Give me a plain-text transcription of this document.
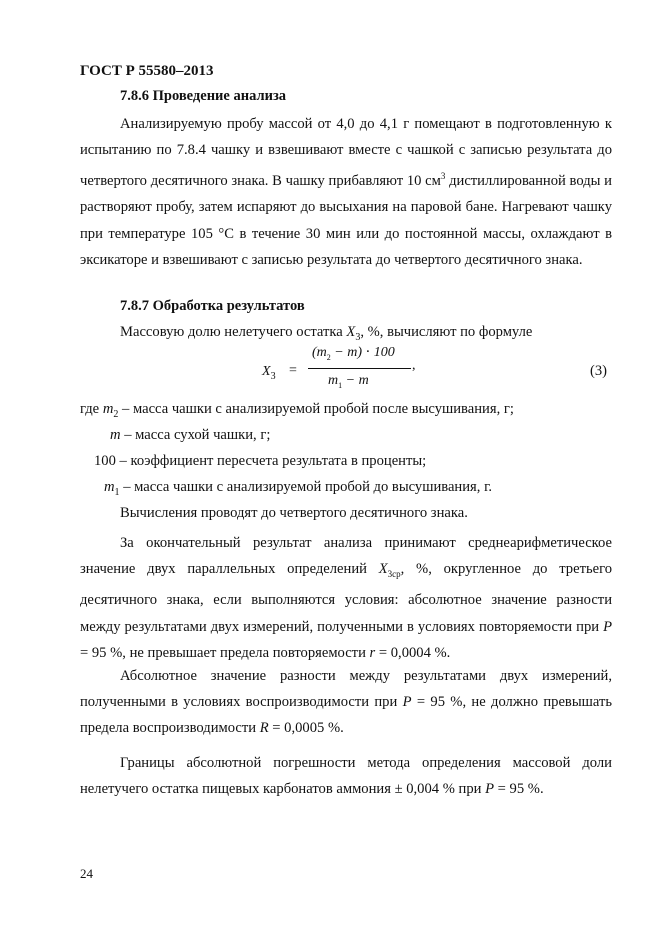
ГОСТ Р 55580–2013
7.8.6 Проведение анализа

Анализируемую пробу массой от 4,0 до 4,1 г помещают в подготовленную к испытанию по 7.8.4 чашку и взвешивают вместе с чашкой с записью результата до четвертого десятичного знака. В чашку прибавляют 10 $см^3$ дистиллированной воды и растворяют пробу, затем испаряют до высыхания на паровой бане. Нагревают чашку при температуре 105 °С в течение 30 мин или до постоянной массы, охлаждают в эксикаторе и взвешивают с записью результата до четвертого десятичного знака.

7.8.7 Обработка результатов
Массовую долю нелетучего остатка $X_3$, %, вычисляют по формуле
$X_3$ =
$(m_2 - m) \cdot 100$
$m_1 - m$
,	(3)
где $m_2$ – масса чашки с анализируемой пробой после высушивания, г;
m – масса сухой чашки, г;
100 – коэффициент пересчета результата в проценты;
$m_1$ – масса чашки с анализируемой пробой до высушивания, г.
Вычисления проводят до четвертого десятичного знака.

За окончательный результат анализа принимают среднеарифметическое значение двух параллельных определений $X_{3ср}$, %, округленное до третьего десятичного знака, если выполняются условия: абсолютное значение разности между результатами двух измерений, полученными в условиях повторяемости при P = 95 %, не превышает предела повторяемости r = 0,0004 %.

Абсолютное значение разности между результатами двух измерений, полученными в условиях воспроизводимости при P = 95 %, не должно превышать предела воспроизводимости R = 0,0005 %.

Границы абсолютной погрешности метода определения массовой доли нелетучего остатка пищевых карбонатов аммония ± 0,004 % при P = 95 %.

24
